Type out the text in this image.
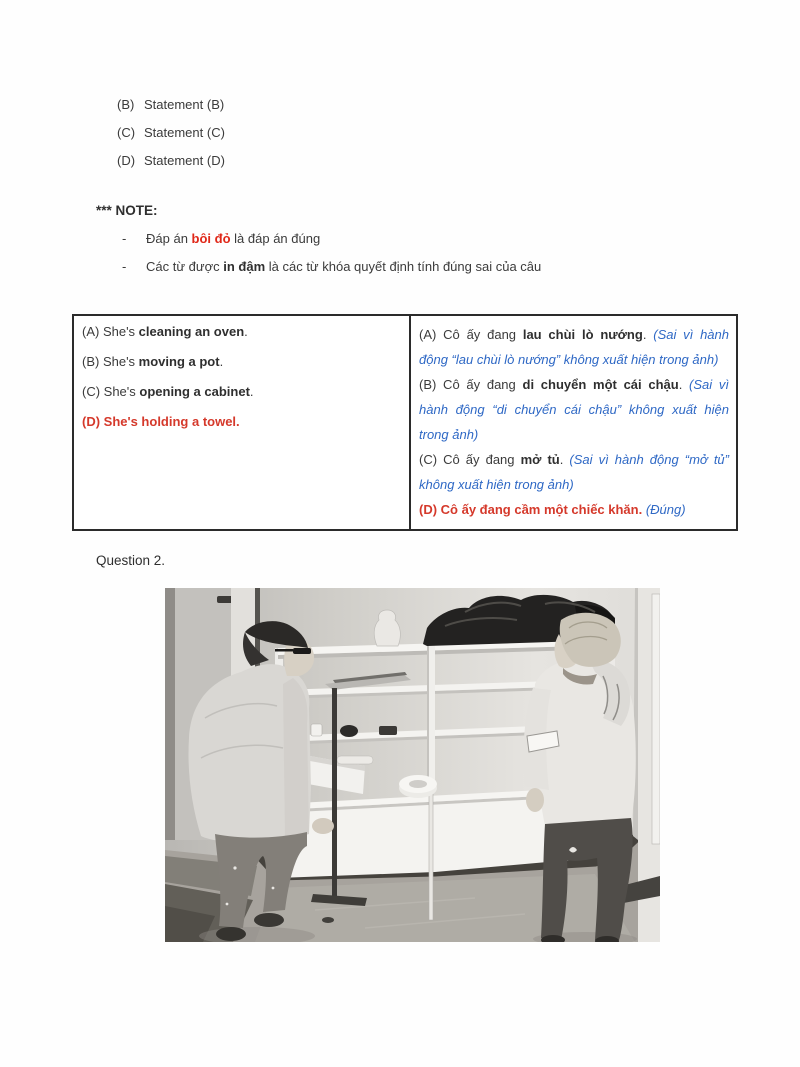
(B) Statement (B)
(C) Statement (C)
(D) Statement (D)
*** NOTE:
- Đáp án bôi đỏ là đáp án đúng
- Các từ được in đậm là các từ khóa quyết định tính đúng sai của câu

(A) She's cleaning an oven.

(B) She's moving a pot.

(C) She's opening a cabinet.

(D) She's holding a towel.

(A) Cô ấy đang lau chùi lò nướng. (Sai vì hành động “lau chùi lò nướng” không xuất hiện trong ảnh)

(B) Cô ấy đang di chuyển một cái chậu. (Sai vì hành động “di chuyển cái chậu” không xuất hiện trong ảnh)

(C) Cô ấy đang mở tủ. (Sai vì hành động “mở tủ” không xuất hiện trong ảnh)

(D) Cô ấy đang cầm một chiếc khăn. (Đúng)

Question 2.
